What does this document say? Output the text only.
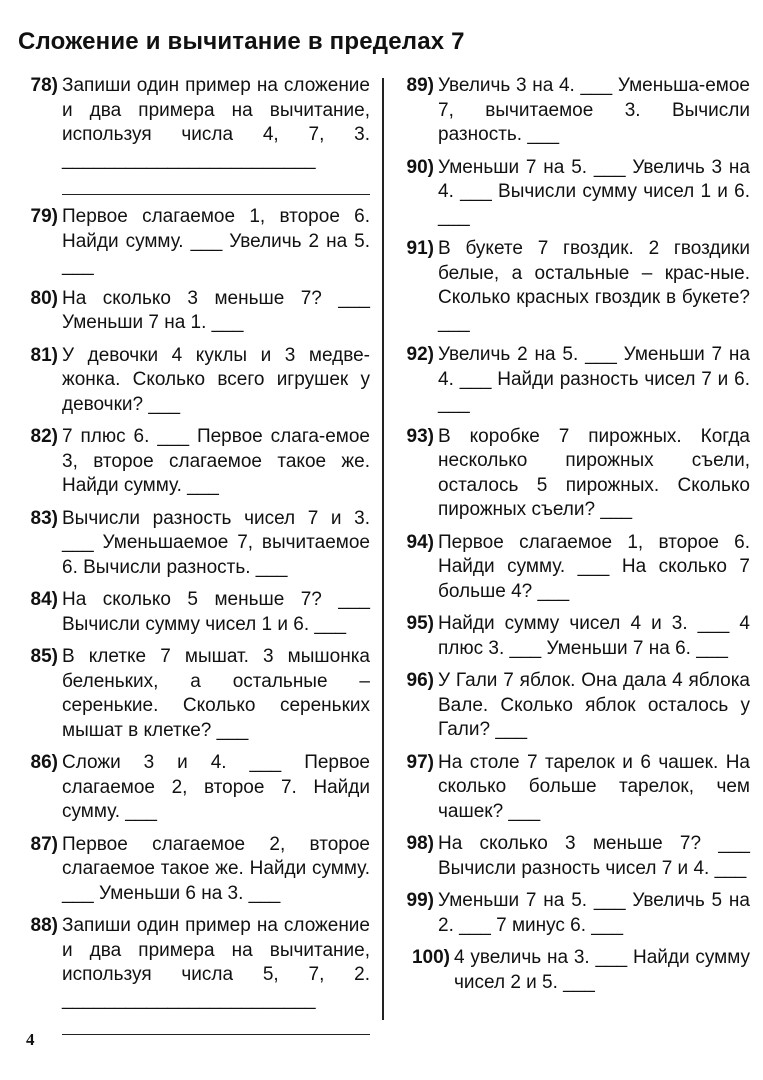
Сложение и вычитание в пределах 7
78) Запиши один пример на сложение и два примера на вычитание, используя числа 4, 7, 3. ________________________
79) Первое слагаемое 1, второе 6. Найди сумму. ___ Увеличь 2 на 5. ___
80) На сколько 3 меньше 7? ___ Уменьши 7 на 1. ___
81) У девочки 4 куклы и 3 медве-жонка. Сколько всего игрушек у девочки? ___
82) 7 плюс 6. ___ Первое слага-емое 3, второе слагаемое такое же. Найди сумму. ___
83) Вычисли разность чисел 7 и 3. ___ Уменьшаемое 7, вычитаемое 6. Вычисли разность. ___
84) На сколько 5 меньше 7? ___ Вычисли сумму чисел 1 и 6. ___
85) В клетке 7 мышат. 3 мышонка беленьких, а остальные – серенькие. Сколько серeньких мышат в клетке? ___
86) Сложи 3 и 4. ___ Первое слагаемое 2, второе 7. Найди сумму. ___
87) Первое слагаемое 2, второе слагаемое такое же. Найди сумму. ___ Уменьши 6 на 3. ___
88) Запиши один пример на сложение и два примера на вычитание, используя числа 5, 7, 2. ________________________
89) Увеличь 3 на 4. ___ Уменьша-емое 7, вычитаемое 3. Вычисли разность. ___
90) Уменьши 7 на 5. ___ Увеличь 3 на 4. ___ Вычисли сумму чисел 1 и 6. ___
91) В букете 7 гвоздик. 2 гвоздики белые, а остальные – крас-ные. Сколько красных гвоздик в букете? ___
92) Увеличь 2 на 5. ___ Уменьши 7 на 4. ___ Найди разность чисел 7 и 6. ___
93) В коробке 7 пирожных. Когда несколько пирожных съели, осталось 5 пирожных. Сколько пирожных съели? ___
94) Первое слагаемое 1, второе 6. Найди сумму. ___ На сколько 7 больше 4? ___
95) Найди сумму чисел 4 и 3. ___ 4 плюс 3. ___ Уменьши 7 на 6. ___
96) У Гали 7 яблок. Она дала 4 яблока Вале. Сколько яблок осталось у Гали? ___
97) На столе 7 тарелок и 6 чашек. На сколько больше тарелок, чем чашек? ___
98) На сколько 3 меньше 7? ___ Вычисли разность чисел 7 и 4. ___
99) Уменьши 7 на 5. ___ Увеличь 5 на 2. ___ 7 минус 6. ___
100) 4 увеличь на 3. ___ Найди сумму чисел 2 и 5. ___
4
